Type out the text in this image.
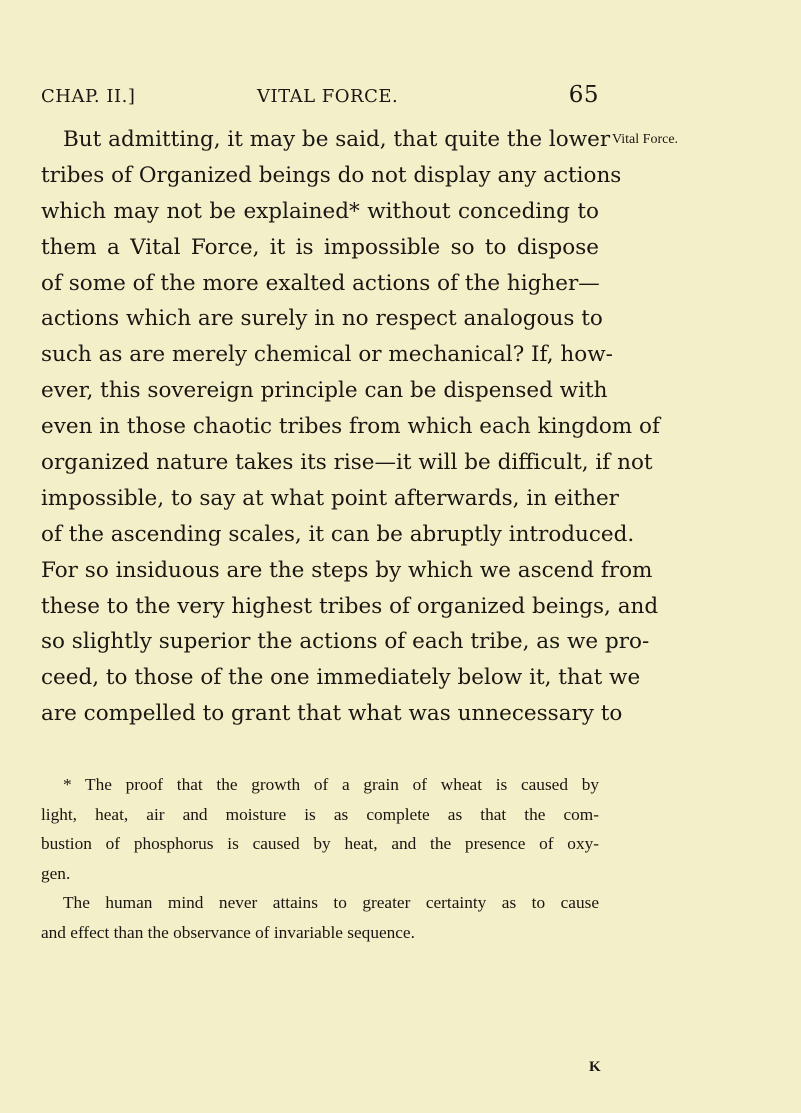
CHAP. II.]	VITAL FORCE.	65
Vital Force.
But admitting, it may be said, that quite the lower
tribes of Organized beings do not display any actions
which may not be explained* without conceding to
them a Vital Force, it is impossible so to dispose
of some of the more exalted actions of the higher—
actions which are surely in no respect analogous to
such as are merely chemical or mechanical? If, how-
ever, this sovereign principle can be dispensed with
even in those chaotic tribes from which each kingdom of
organized nature takes its rise—it will be difficult, if not
impossible, to say at what point afterwards, in either
of the ascending scales, it can be abruptly introduced.
For so insiduous are the steps by which we ascend from
these to the very highest tribes of organized beings, and
so slightly superior the actions of each tribe, as we pro-
ceed, to those of the one immediately below it, that we
are compelled to grant that what was unnecessary to
* The proof that the growth of a grain of wheat is caused by
light, heat, air and moisture is as complete as that the com-
bustion of phosphorus is caused by heat, and the presence of oxy-
gen.
The human mind never attains to greater certainty as to cause
and effect than the observance of invariable sequence.
K
